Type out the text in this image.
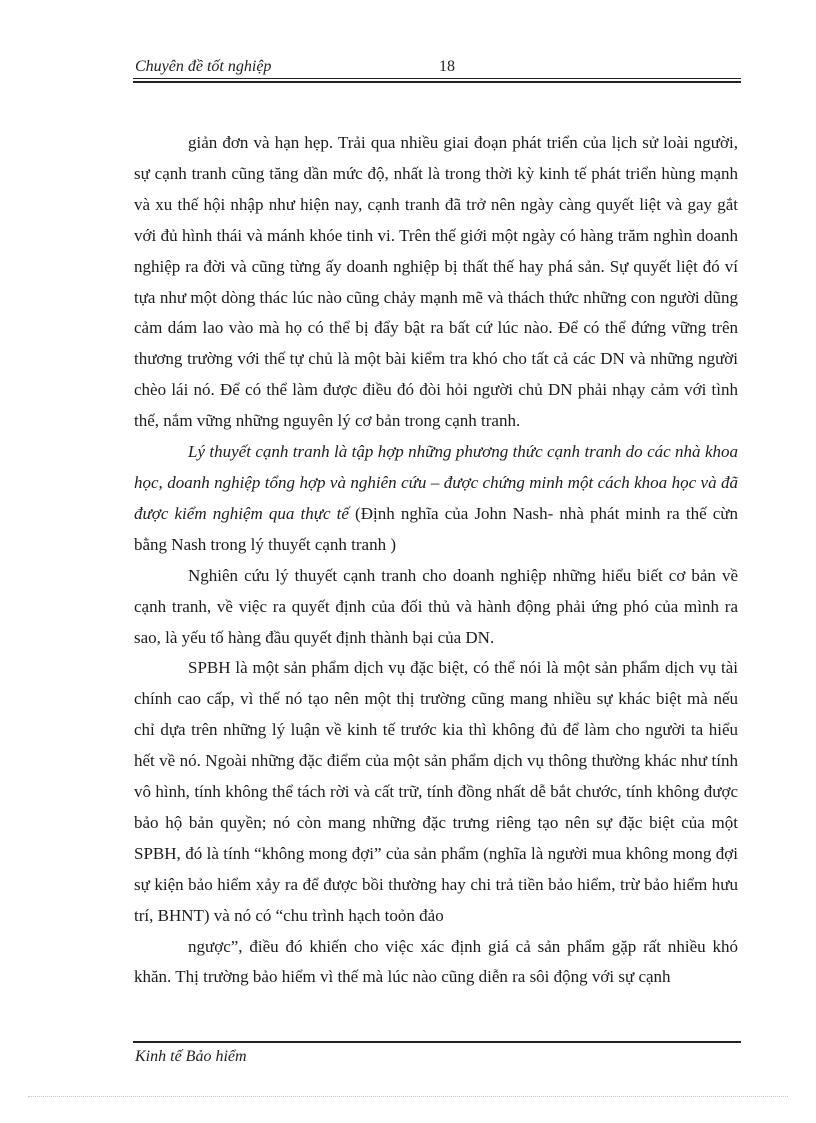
Chuyên đề tốt nghiệp	18

giản đơn và hạn hẹp. Trải qua nhiều giai đoạn phát triển của lịch sử loài người, sự cạnh tranh cũng tăng dần mức độ, nhất là trong thời kỳ kinh tế phát triển hùng mạnh và xu thế hội nhập như hiện nay, cạnh tranh đã trở nên ngày càng quyết liệt và gay gắt với đủ hình thái và mánh khóe tinh vi. Trên thế giới một ngày có hàng trăm nghìn doanh nghiệp ra đời và cũng từng ấy doanh nghiệp bị thất thế hay phá sản. Sự quyết liệt đó ví tựa như một dòng thác lúc nào cũng chảy mạnh mẽ và thách thức những con người dũng cảm dám lao vào mà họ có thể bị đẩy bật ra bất cứ lúc nào. Để có thể đứng vững trên thương trường với thế tự chủ là một bài kiểm tra khó cho tất cả các DN và những người chèo lái nó. Để có thể làm được điều đó đòi hỏi người chủ DN phải nhạy cảm với tình thế, nắm vững những nguyên lý cơ bản trong cạnh tranh.

Lý thuyết cạnh tranh là tập hợp những phương thức cạnh tranh do các nhà khoa học, doanh nghiệp tổng hợp và nghiên cứu – được chứng minh một cách khoa học và đã được kiểm nghiệm qua thực tế (Định nghĩa của John Nash- nhà phát minh ra thế cừn bằng Nash trong lý thuyết cạnh tranh )

Nghiên cứu lý thuyết cạnh tranh cho doanh nghiệp những hiểu biết cơ bản về cạnh tranh, về việc ra quyết định của đối thủ và hành động phải ứng phó của mình ra sao, là yếu tố hàng đầu quyết định thành bại của DN.

SPBH là một sản phẩm dịch vụ đặc biệt, có thể nói là một sản phẩm dịch vụ tài chính cao cấp, vì thế nó tạo nên một thị trường cũng mang nhiều sự khác biệt mà nếu chỉ dựa trên những lý luận về kinh tế trước kia thì không đủ để làm cho người ta hiểu hết về nó. Ngoài những đặc điểm của một sản phẩm dịch vụ thông thường khác như tính vô hình, tính không thể tách rời và cất trữ, tính đồng nhất dễ bắt chước, tính không được bảo hộ bản quyền; nó còn mang những đặc trưng riêng tạo nên sự đặc biệt của một SPBH, đó là tính “không mong đợi” của sản phẩm (nghĩa là người mua không mong đợi sự kiện bảo hiểm xảy ra để được bồi thường hay chi trả tiền bảo hiểm, trừ bảo hiểm hưu trí, BHNT) và nó có “chu trình hạch toỏn đảo

ngược”, điều đó khiến cho việc xác định giá cả sản phẩm gặp rất nhiều khó khăn. Thị trường bảo hiểm vì thế mà lúc nào cũng diễn ra sôi động với sự cạnh

Kinh tế Bảo hiểm
